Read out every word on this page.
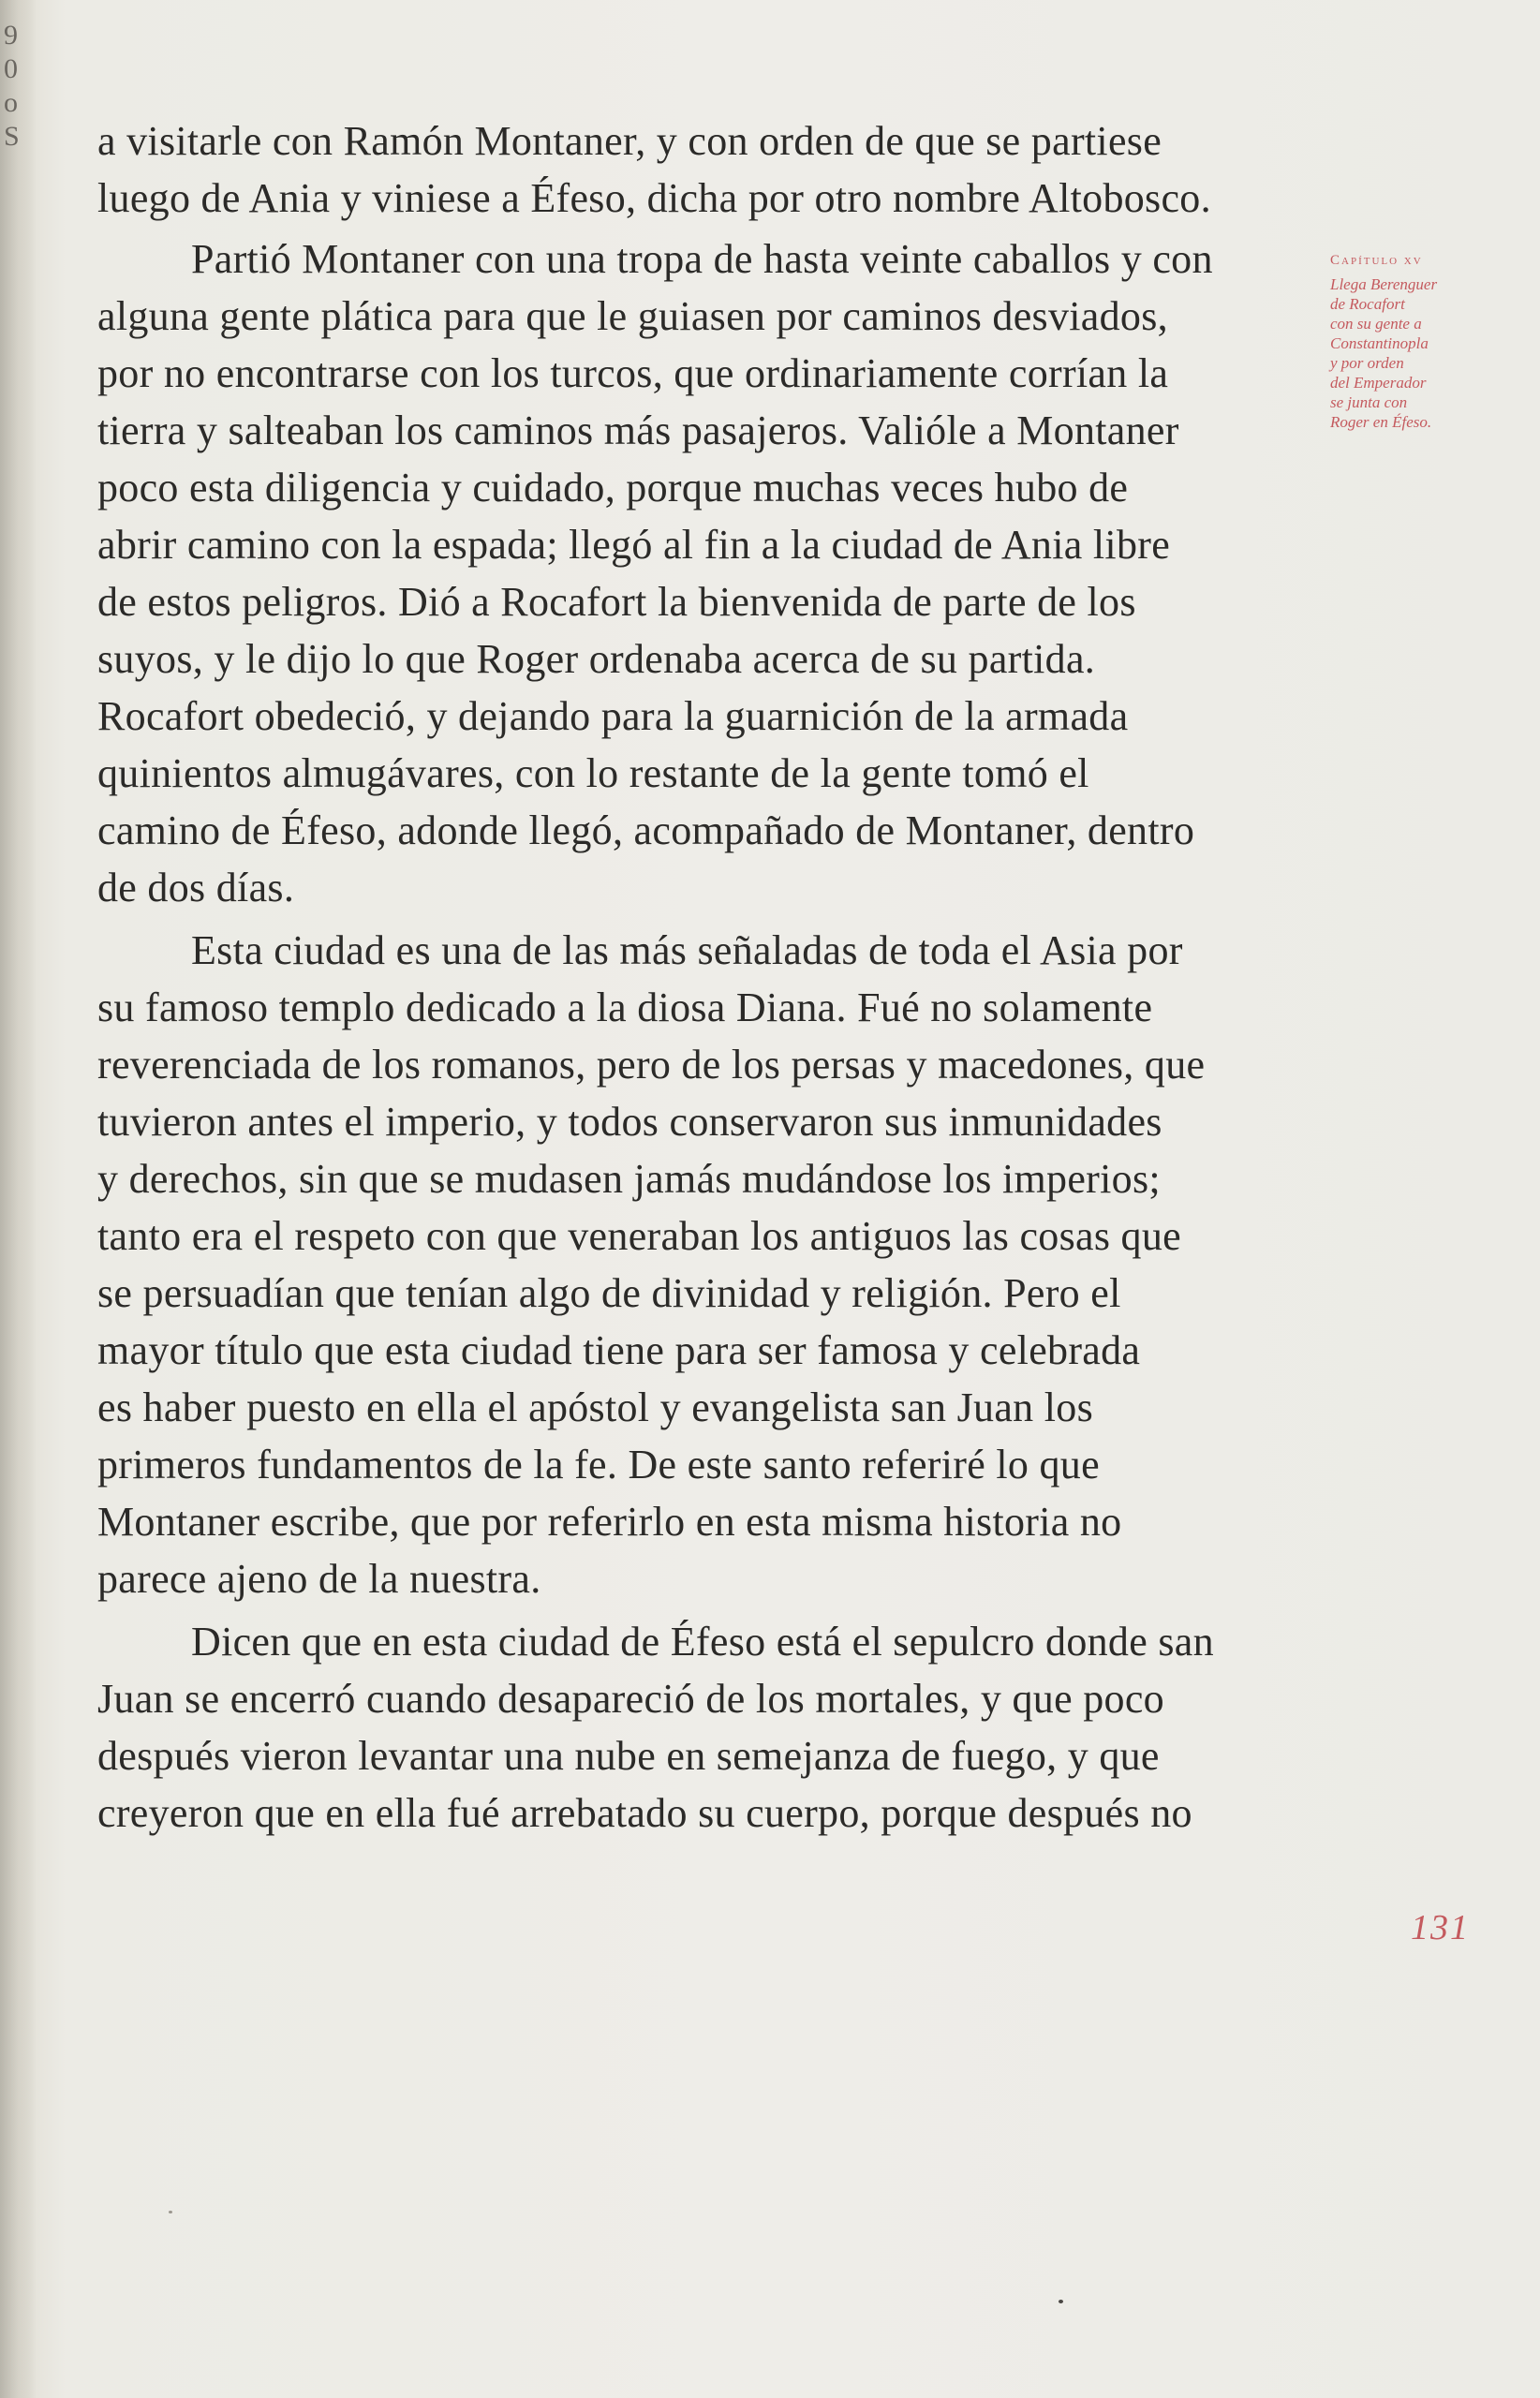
9
0
o
S a visitarle con Ramón Montaner, y con orden de que se partiese
luego de Ania y viniese a Éfeso, dicha por otro nombre Altobosco.
Partió Montaner con una tropa de hasta veinte caballos y con
alguna gente plática para que le guiasen por caminos desviados,
por no encontrarse con los turcos, que ordinariamente corrían la
tierra y salteaban los caminos más pasajeros. Valióle a Montaner
poco esta diligencia y cuidado, porque muchas veces hubo de
abrir camino con la espada; llegó al fin a la ciudad de Ania libre
de estos peligros. Dió a Rocafort la bienvenida de parte de los
suyos, y le dijo lo que Roger ordenaba acerca de su partida.
Rocafort obedeció, y dejando para la guarnición de la armada
quinientos almugávares, con lo restante de la gente tomó el
camino de Éfeso, adonde llegó, acompañado de Montaner, dentro
de dos días.
Esta ciudad es una de las más señaladas de toda el Asia por
su famoso templo dedicado a la diosa Diana. Fué no solamente
reverenciada de los romanos, pero de los persas y macedones, que
tuvieron antes el imperio, y todos conservaron sus inmunidades
y derechos, sin que se mudasen jamás mudándose los imperios;
tanto era el respeto con que veneraban los antiguos las cosas que
se persuadían que tenían algo de divinidad y religión. Pero el
mayor título que esta ciudad tiene para ser famosa y celebrada
es haber puesto en ella el apóstol y evangelista san Juan los
primeros fundamentos de la fe. De este santo referiré lo que
Montaner escribe, que por referirlo en esta misma historia no
parece ajeno de la nuestra.
Dicen que en esta ciudad de Éfeso está el sepulcro donde san
Juan se encerró cuando desapareció de los mortales, y que poco
después vieron levantar una nube en semejanza de fuego, y que
creyeron que en ella fué arrebatado su cuerpo, porque después no
Capítulo xv
Llega Berenguer
de Rocafort
con su gente a
Constantinopla
y por orden
del Emperador
se junta con
Roger en Éfeso.
131
